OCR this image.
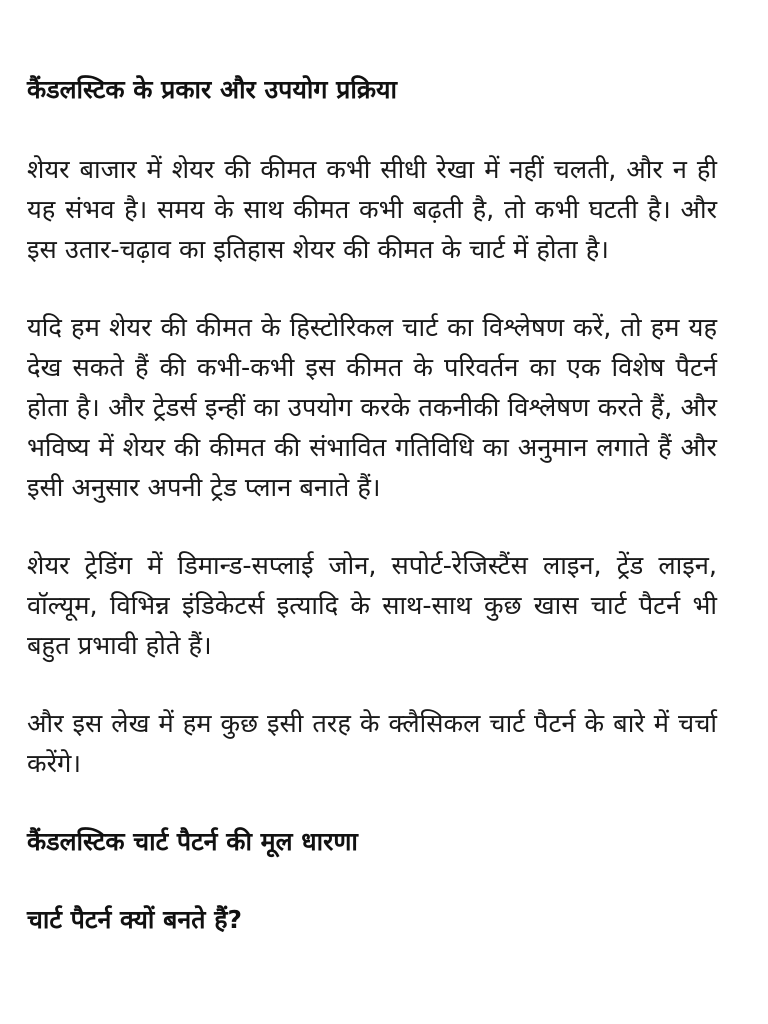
कैंडलस्टिक के प्रकार और उपयोग प्रक्रिया

शेयर बाजार में शेयर की कीमत कभी सीधी रेखा में नहीं चलती, और न ही यह संभव है। समय के साथ कीमत कभी बढ़ती है, तो कभी घटती है। और इस उतार-चढ़ाव का इतिहास शेयर की कीमत के चार्ट में होता है।

यदि हम शेयर की कीमत के हिस्टोरिकल चार्ट का विश्लेषण करें, तो हम यह देख सकते हैं की कभी-कभी इस कीमत के परिवर्तन का एक विशेष पैटर्न होता है। और ट्रेडर्स इन्हीं का उपयोग करके तकनीकी विश्लेषण करते हैं, और भविष्य में शेयर की कीमत की संभावित गतिविधि का अनुमान लगाते हैं और इसी अनुसार अपनी ट्रेड प्लान बनाते हैं।

शेयर ट्रेडिंग में डिमान्ड-सप्लाई जोन, सपोर्ट-रेजिस्टैंस लाइन, ट्रेंड लाइन, वॉल्यूम, विभिन्न इंडिकेटर्स इत्यादि के साथ-साथ कुछ खास चार्ट पैटर्न भी बहुत प्रभावी होते हैं।

और इस लेख में हम कुछ इसी तरह के क्लैसिकल चार्ट पैटर्न के बारे में चर्चा करेंगे।

कैंडलस्टिक चार्ट पैटर्न की मूल धारणा
चार्ट पैटर्न क्यों बनते हैं?
